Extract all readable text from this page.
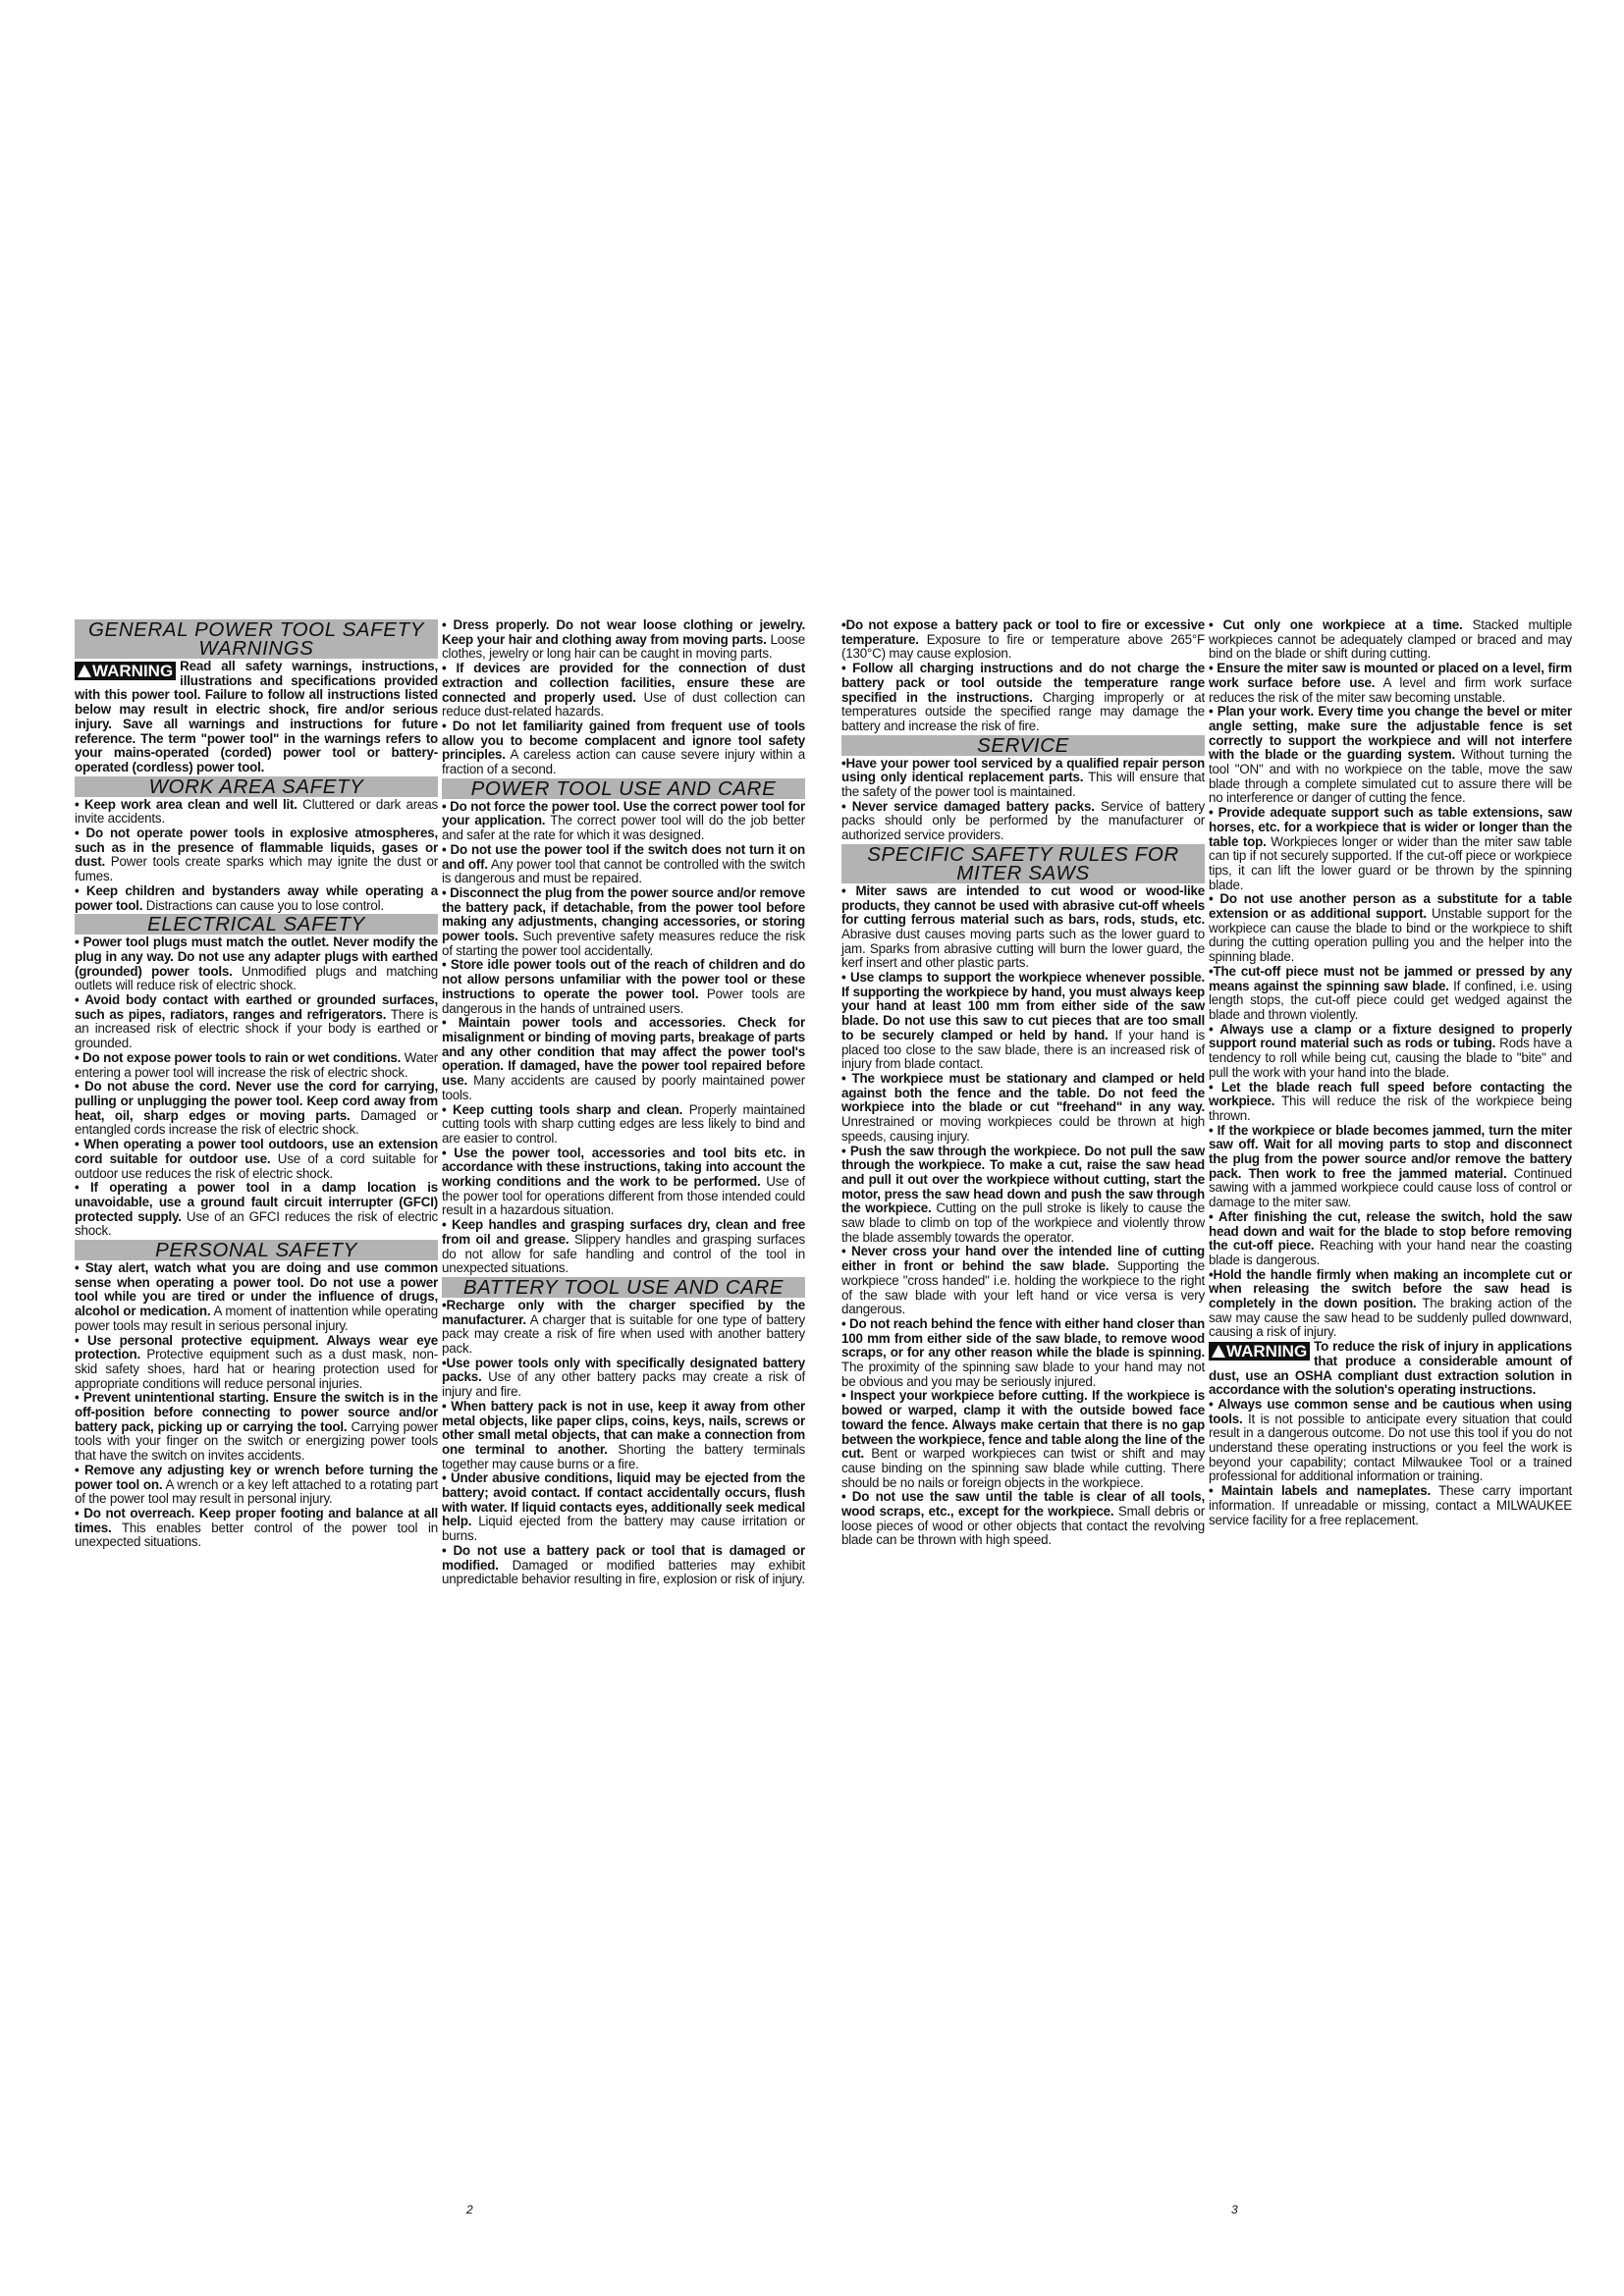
GENERAL POWER TOOL SAFETY WARNINGS

WARNING Read all safety warnings, instructions, illustrations and specifications provided with this power tool. Failure to follow all instructions listed below may result in electric shock, fire and/or serious injury. Save all warnings and instructions for future reference. The term "power tool" in the warnings refers to your mains-operated (corded) power tool or battery-operated (cordless) power tool.

WORK AREA SAFETY

• Keep work area clean and well lit. Cluttered or dark areas invite accidents.

• Do not operate power tools in explosive atmospheres, such as in the presence of flammable liquids, gases or dust. Power tools create sparks which may ignite the dust or fumes.

• Keep children and bystanders away while operating a power tool. Distractions can cause you to lose control.

ELECTRICAL SAFETY

• Power tool plugs must match the outlet. Never modify the plug in any way. Do not use any adapter plugs with earthed (grounded) power tools. Unmodified plugs and matching outlets will reduce risk of electric shock.

• Avoid body contact with earthed or grounded surfaces, such as pipes, radiators, ranges and refrigerators. There is an increased risk of electric shock if your body is earthed or grounded.

• Do not expose power tools to rain or wet conditions. Water entering a power tool will increase the risk of electric shock.

• Do not abuse the cord. Never use the cord for carrying, pulling or unplugging the power tool. Keep cord away from heat, oil, sharp edges or moving parts. Damaged or entangled cords increase the risk of electric shock.

• When operating a power tool outdoors, use an extension cord suitable for outdoor use. Use of a cord suitable for outdoor use reduces the risk of electric shock.

• If operating a power tool in a damp location is unavoidable, use a ground fault circuit interrupter (GFCI) protected supply. Use of an GFCI reduces the risk of electric shock.

PERSONAL SAFETY

• Stay alert, watch what you are doing and use common sense when operating a power tool. Do not use a power tool while you are tired or under the influence of drugs, alcohol or medication. A moment of inattention while operating power tools may result in serious personal injury.

• Use personal protective equipment. Always wear eye protection. Protective equipment such as a dust mask, non-skid safety shoes, hard hat or hearing protection used for appropriate conditions will reduce personal injuries.

• Prevent unintentional starting. Ensure the switch is in the off-position before connecting to power source and/or battery pack, picking up or carrying the tool. Carrying power tools with your finger on the switch or energizing power tools that have the switch on invites accidents.

• Remove any adjusting key or wrench before turning the power tool on. A wrench or a key left attached to a rotating part of the power tool may result in personal injury.

• Do not overreach. Keep proper footing and balance at all times. This enables better control of the power tool in unexpected situations.

• Dress properly. Do not wear loose clothing or jewelry. Keep your hair and clothing away from moving parts. Loose clothes, jewelry or long hair can be caught in moving parts.

• If devices are provided for the connection of dust extraction and collection facilities, ensure these are connected and properly used. Use of dust collection can reduce dust-related hazards.

• Do not let familiarity gained from frequent use of tools allow you to become complacent and ignore tool safety principles. A careless action can cause severe injury within a fraction of a second.

POWER TOOL USE AND CARE

• Do not force the power tool. Use the correct power tool for your application. The correct power tool will do the job better and safer at the rate for which it was designed.

• Do not use the power tool if the switch does not turn it on and off. Any power tool that cannot be controlled with the switch is dangerous and must be repaired.

• Disconnect the plug from the power source and/or remove the battery pack, if detachable, from the power tool before making any adjustments, changing accessories, or storing power tools. Such preventive safety measures reduce the risk of starting the power tool accidentally.

• Store idle power tools out of the reach of children and do not allow persons unfamiliar with the power tool or these instructions to operate the power tool. Power tools are dangerous in the hands of untrained users.

• Maintain power tools and accessories. Check for misalignment or binding of moving parts, breakage of parts and any other condition that may affect the power tool's operation. If damaged, have the power tool repaired before use. Many accidents are caused by poorly maintained power tools.

• Keep cutting tools sharp and clean. Properly maintained cutting tools with sharp cutting edges are less likely to bind and are easier to control.

• Use the power tool, accessories and tool bits etc. in accordance with these instructions, taking into account the working conditions and the work to be performed. Use of the power tool for operations different from those intended could result in a hazardous situation.

• Keep handles and grasping surfaces dry, clean and free from oil and grease. Slippery handles and grasping surfaces do not allow for safe handling and control of the tool in unexpected situations.

BATTERY TOOL USE AND CARE

•Recharge only with the charger specified by the manufacturer. A charger that is suitable for one type of battery pack may create a risk of fire when used with another battery pack.

•Use power tools only with specifically designated battery packs. Use of any other battery packs may create a risk of injury and fire.

• When battery pack is not in use, keep it away from other metal objects, like paper clips, coins, keys, nails, screws or other small metal objects, that can make a connection from one terminal to another. Shorting the battery terminals together may cause burns or a fire.

• Under abusive conditions, liquid may be ejected from the battery; avoid contact. If contact accidentally occurs, flush with water. If liquid contacts eyes, additionally seek medical help. Liquid ejected from the battery may cause irritation or burns.

• Do not use a battery pack or tool that is damaged or modified. Damaged or modified batteries may exhibit unpredictable behavior resulting in fire, explosion or risk of injury.

•Do not expose a battery pack or tool to fire or excessive temperature. Exposure to fire or temperature above 265°F (130°C) may cause explosion.

• Follow all charging instructions and do not charge the battery pack or tool outside the temperature range specified in the instructions. Charging improperly or at temperatures outside the specified range may damage the battery and increase the risk of fire.

SERVICE

•Have your power tool serviced by a qualified repair person using only identical replacement parts. This will ensure that the safety of the power tool is maintained.

• Never service damaged battery packs. Service of battery packs should only be performed by the manufacturer or authorized service providers.

SPECIFIC SAFETY RULES FOR MITER SAWS

• Miter saws are intended to cut wood or wood-like products, they cannot be used with abrasive cut-off wheels for cutting ferrous material such as bars, rods, studs, etc. Abrasive dust causes moving parts such as the lower guard to jam. Sparks from abrasive cutting will burn the lower guard, the kerf insert and other plastic parts.

• Use clamps to support the workpiece whenever possible. If supporting the workpiece by hand, you must always keep your hand at least 100 mm from either side of the saw blade. Do not use this saw to cut pieces that are too small to be securely clamped or held by hand. If your hand is placed too close to the saw blade, there is an increased risk of injury from blade contact.

• The workpiece must be stationary and clamped or held against both the fence and the table. Do not feed the workpiece into the blade or cut "freehand" in any way. Unrestrained or moving workpieces could be thrown at high speeds, causing injury.

• Push the saw through the workpiece. Do not pull the saw through the workpiece. To make a cut, raise the saw head and pull it out over the workpiece without cutting, start the motor, press the saw head down and push the saw through the workpiece. Cutting on the pull stroke is likely to cause the saw blade to climb on top of the workpiece and violently throw the blade assembly towards the operator.

• Never cross your hand over the intended line of cutting either in front or behind the saw blade. Supporting the workpiece "cross handed" i.e. holding the workpiece to the right of the saw blade with your left hand or vice versa is very dangerous.

• Do not reach behind the fence with either hand closer than 100 mm from either side of the saw blade, to remove wood scraps, or for any other reason while the blade is spinning. The proximity of the spinning saw blade to your hand may not be obvious and you may be seriously injured.

• Inspect your workpiece before cutting. If the workpiece is bowed or warped, clamp it with the outside bowed face toward the fence. Always make certain that there is no gap between the workpiece, fence and table along the line of the cut. Bent or warped workpieces can twist or shift and may cause binding on the spinning saw blade while cutting. There should be no nails or foreign objects in the workpiece.

• Do not use the saw until the table is clear of all tools, wood scraps, etc., except for the workpiece. Small debris or loose pieces of wood or other objects that contact the revolving blade can be thrown with high speed.

• Cut only one workpiece at a time. Stacked multiple workpieces cannot be adequately clamped or braced and may bind on the blade or shift during cutting.

• Ensure the miter saw is mounted or placed on a level, firm work surface before use. A level and firm work surface reduces the risk of the miter saw becoming unstable.

• Plan your work. Every time you change the bevel or miter angle setting, make sure the adjustable fence is set correctly to support the workpiece and will not interfere with the blade or the guarding system. Without turning the tool "ON" and with no workpiece on the table, move the saw blade through a complete simulated cut to assure there will be no interference or danger of cutting the fence.

• Provide adequate support such as table extensions, saw horses, etc. for a workpiece that is wider or longer than the table top. Workpieces longer or wider than the miter saw table can tip if not securely supported. If the cut-off piece or workpiece tips, it can lift the lower guard or be thrown by the spinning blade.

• Do not use another person as a substitute for a table extension or as additional support. Unstable support for the workpiece can cause the blade to bind or the workpiece to shift during the cutting operation pulling you and the helper into the spinning blade.

•The cut-off piece must not be jammed or pressed by any means against the spinning saw blade. If confined, i.e. using length stops, the cut-off piece could get wedged against the blade and thrown violently.

• Always use a clamp or a fixture designed to properly support round material such as rods or tubing. Rods have a tendency to roll while being cut, causing the blade to "bite" and pull the work with your hand into the blade.

• Let the blade reach full speed before contacting the workpiece. This will reduce the risk of the workpiece being thrown.

• If the workpiece or blade becomes jammed, turn the miter saw off. Wait for all moving parts to stop and disconnect the plug from the power source and/or remove the battery pack. Then work to free the jammed material. Continued sawing with a jammed workpiece could cause loss of control or damage to the miter saw.

• After finishing the cut, release the switch, hold the saw head down and wait for the blade to stop before removing the cut-off piece. Reaching with your hand near the coasting blade is dangerous.

•Hold the handle firmly when making an incomplete cut or when releasing the switch before the saw head is completely in the down position. The braking action of the saw may cause the saw head to be suddenly pulled downward, causing a risk of injury.

WARNING To reduce the risk of injury in applications that produce a considerable amount of dust, use an OSHA compliant dust extraction solution in accordance with the solution's operating instructions.

• Always use common sense and be cautious when using tools. It is not possible to anticipate every situation that could result in a dangerous outcome. Do not use this tool if you do not understand these operating instructions or you feel the work is beyond your capability; contact Milwaukee Tool or a trained professional for additional information or training.

• Maintain labels and nameplates. These carry important information. If unreadable or missing, contact a MILWAUKEE service facility for a free replacement.

2	3
